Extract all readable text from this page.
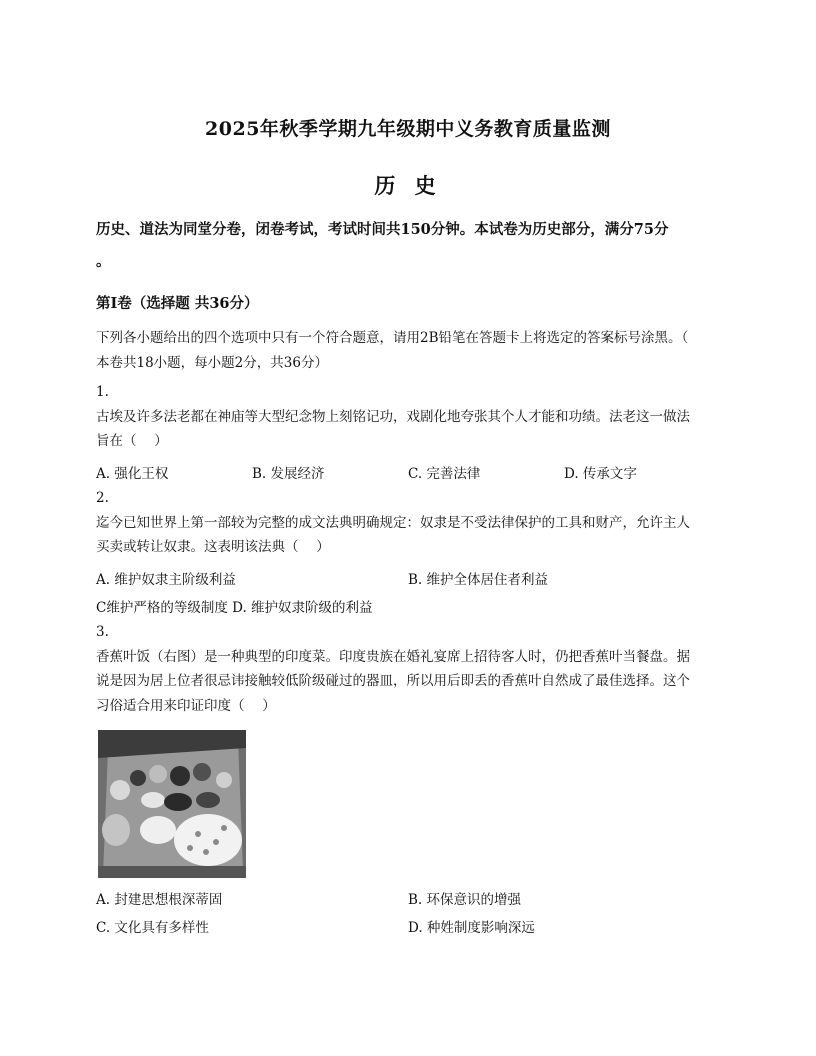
2025年秋季学期九年级期中义务教育质量监测
历 史
历史、道法为同堂分卷，闭卷考试，考试时间共150分钟。本试卷为历史部分，满分75分
。
第Ⅰ卷（选择题 共36分）
下列各小题给出的四个选项中只有一个符合题意，请用2B铅笔在答题卡上将选定的答案标号涂黑。（
本卷共18小题，每小题2分，共36分）
1.
古埃及许多法老都在神庙等大型纪念物上刻铭记功，戏剧化地夸张其个人才能和功绩。法老这一做法
旨在（　 ）
A. 强化王权	B. 发展经济	C. 完善法律	D. 传承文字
2.
迄今已知世界上第一部较为完整的成文法典明确规定：奴隶是不受法律保护的工具和财产，允许主人
买卖或转让奴隶。这表明该法典（　 ）
A. 维护奴隶主阶级利益	B. 维护全体居住者利益
C维护严格的等级制度 D. 维护奴隶阶级的利益
3.
香蕉叶饭（右图）是一种典型的印度菜。印度贵族在婚礼宴席上招待客人时，仍把香蕉叶当餐盘。据
说是因为居上位者很忌讳接触较低阶级碰过的器皿，所以用后即丢的香蕉叶自然成了最佳选择。这个
习俗适合用来印证印度（　 ）
A. 封建思想根深蒂固	B. 环保意识的增强
C. 文化具有多样性	D. 种姓制度影响深远
